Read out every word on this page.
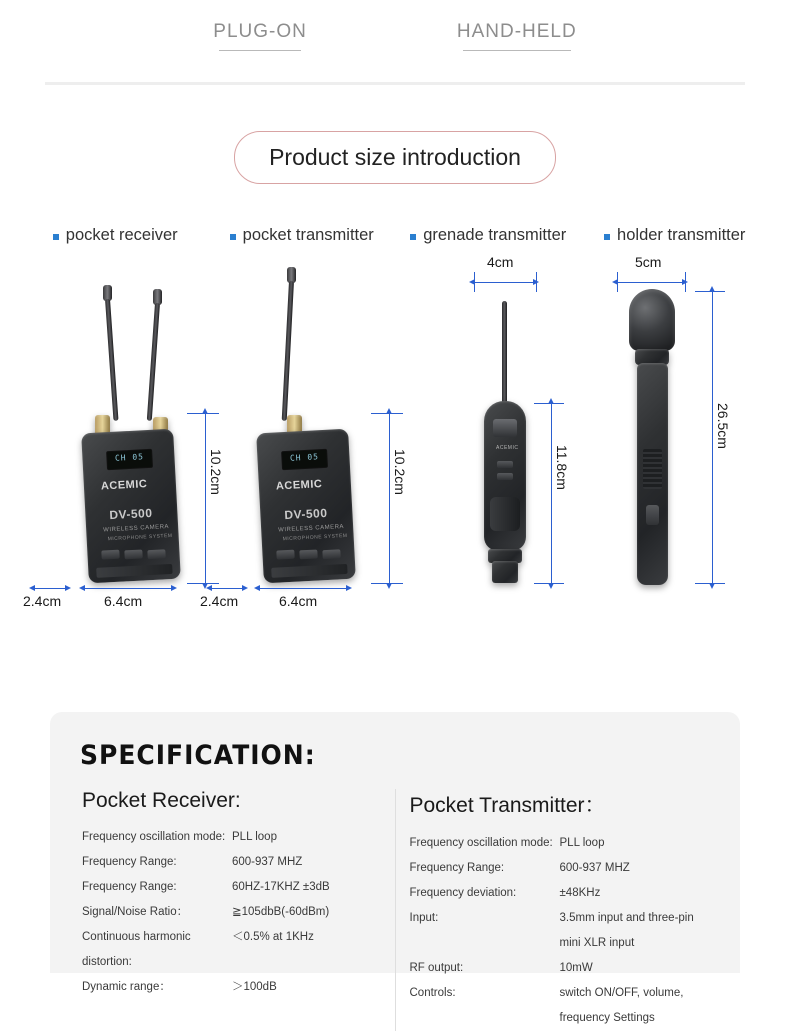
PLUG-ON	HAND-HELD
Product size introduction
pocket receiver	pocket transmitter	grenade transmitter	holder transmitter
CH 05
ACEMIC
DV-500
WIRELESS CAMERA
MICROPHONE SYSTEM
10.2cm
6.4cm
2.4cm
CH 05
ACEMIC
DV-500
WIRELESS CAMERA
MICROPHONE SYSTEM
10.2cm
6.4cm
2.4cm
4cm
ACEMIC	11.8cm
5cm
26.5cm
SPECIFICATION:
Pocket Receiver:
Frequency oscillation mode: PLL loop
Frequency Range:	600-937 MHZ
Frequency Range:	60HZ-17KHZ ±3dB
Signal/Noise Ratio：	≧105dbB(-60dBm)
Continuous harmonic distortion:
＜0.5% at 1KHz
Dynamic range：	＞100dB
Pocket Transmitter：
Frequency oscillation mode: PLL loop
Frequency Range:	600-937 MHZ
Frequency deviation:	±48KHz
Input:	3.5mm input and three-pin mini XLR input
RF output:	10mW
Controls:	switch ON/OFF, volume, frequency Settings
